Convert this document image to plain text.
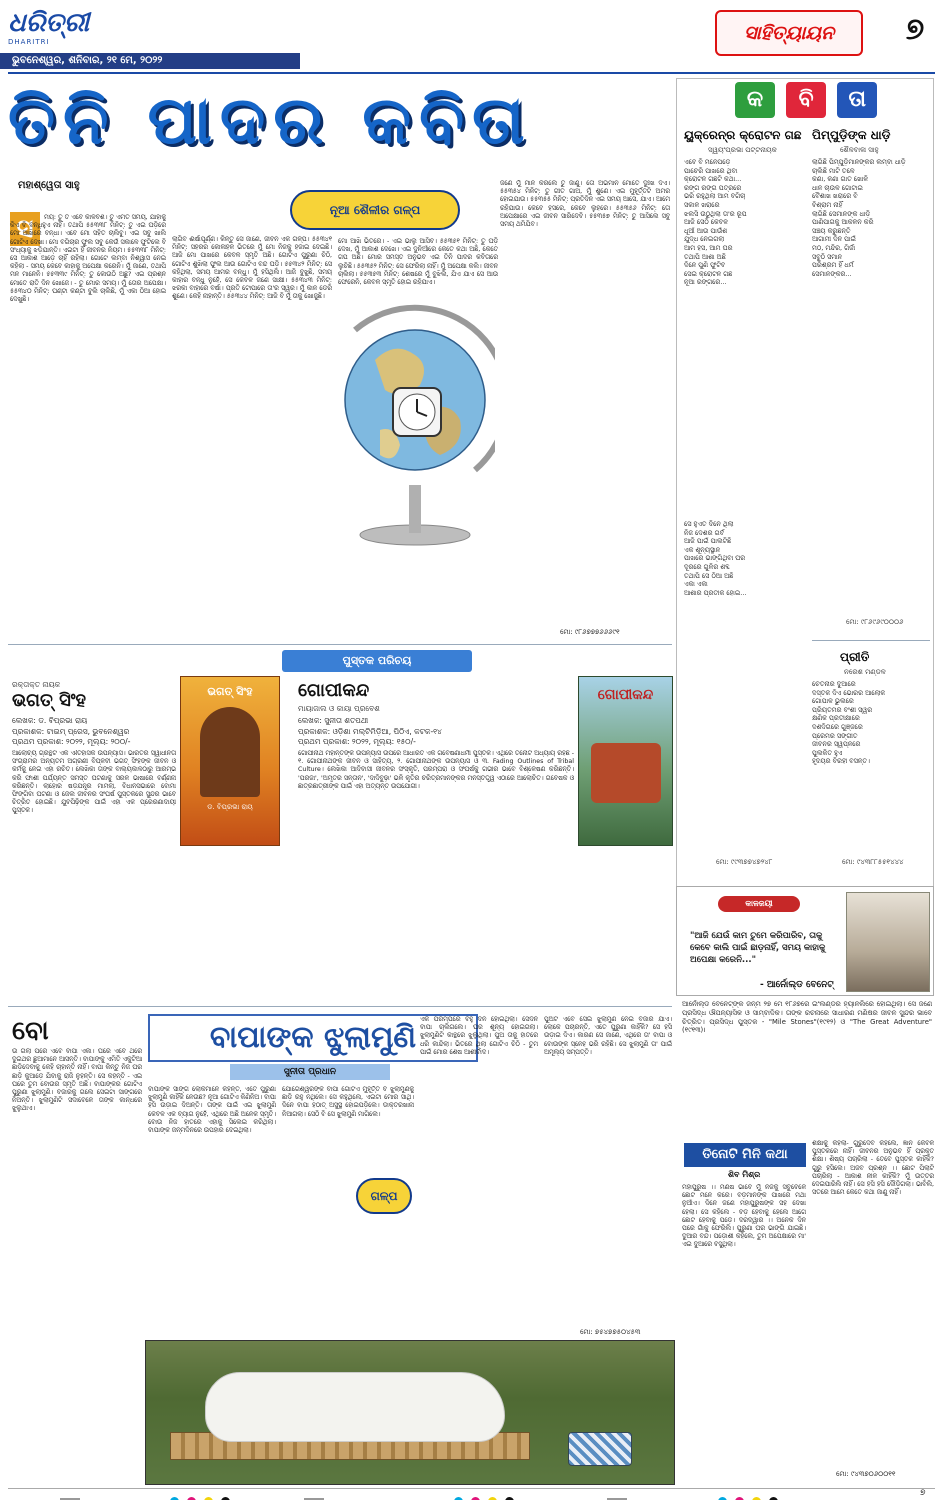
ଧରିତ୍ରୀ
DHARITRI
ଭୁବନେଶ୍ୱର, ଶନିବାର, ୨୧ ମେ, ୨୦୨୨
ସାହିତ୍ୟାୟନ	୭
ତିନି ପାଦର କବିତା
ମହାଶ୍ୱେତା ସାହୁ
ନୂଆ ଶୈଳୀର ଗଳ୍ପ
ସ	ମୟ: ତୁ ତ ଏବେ କାଳବଶ। ତୁ ଏମିତି ସମୟ, ଯାହାକୁ କିଏ ବି ବନ୍ଧିହୁଏ ନାହିଁ। ତଥାପି ୫୫୩୩୮ ମିନିଟ୍: ତୁ ଏଇ ଘଡ଼ିରେ ମୋ ଆଖିରେ ବନ୍ଧା। ଏବେ ମୋ ସହିତ ଚାଲିବୁ। ଏଇ ସବୁ ଖାଲି ଗୋଟିଏ ଦେଖା। ମୋ ବଗିଚାର ଫୁଲ ସବୁ କେଉଁ ସକାଳେ ଫୁଟିଲେ ବି ସଂଧ୍ୟାକୁ ଝଡ଼ିଯାନ୍ତି। ଏଇଟା ହିଁ ଜୀବନର ନିୟମ। ୫୫୩୩୮ ମିନିଟ୍: ସେ ଆକାଶ ଆଡ଼େ ଚାହିଁ ରହିଲା। ଗୋଟେ ଲମ୍ବା ନିଶ୍ୱାସ ନେଇ କହିଲା - ସମୟ କେବେ କାହାକୁ ଅପେକ୍ଷା କରେନି। ମୁଁ ଜାଣେ, ତଥାପି ମନ ମାନେନି। ୫୫୩୩୯ ମିନିଟ୍: ତୁ କୋଉଠି ଅଛୁ? ଏଇ ପ୍ରଶ୍ନ ମୋତେ ରାତି ଦିନ ଖୋଜେ। - ତୁ ମୋର ସମୟ। ମୁଁ ତୋର ଅପେକ୍ଷା। ୫୫୩୪୦ ମିନିଟ୍: ଘଣ୍ଟା କଣ୍ଟା ବୁଲି ଚାଲିଛି, ମୁଁ ଏକା ଠିଆ ହୋଇ ଦେଖୁଛି।
ଲାଗିବ ଈର୍ଷାପୂର୍ଣ୍ଣ। କିନ୍ତୁ ସେ ଜାଣେ, ଜୀବନ ଏକ ଗଳ୍ପ। ୫୫୩୪୧ ମିନିଟ୍: ସହରର କୋଳାହଳ ଭିତରେ ମୁଁ ମୋ ନିଜକୁ ହଜାଇ ଦେଇଛି। ଆଜି ମୋ ପାଖରେ କେବଳ ସ୍ମୃତି ଅଛି। ଗୋଟିଏ ପୁରୁଣା ଚିଠି, ଗୋଟିଏ ଶୁଖିଲା ଫୁଲ ଆଉ ଗୋଟିଏ ବନ୍ଦ ଘଡ଼ି। ୫୫୩୪୨ ମିନିଟ୍: ସେ କହିଥିଲା, ସମୟ ଆମର ବନ୍ଧୁ। ମୁଁ ହସିଥିଲି। ଆଜି ବୁଝୁଛି, ସମୟ କାହାର ବନ୍ଧୁ ନୁହେଁ, ସେ କେବଳ ଜଣେ ସାକ୍ଷୀ। ୫୫୩୪୩ ମିନିଟ୍: ଝରକା ବାହାରେ ବର୍ଷା। ପ୍ରତି ଟୋପାରେ ତା'ର ସ୍ୱର। ମୁଁ କାନ ଡେରି ଶୁଣେ। କେହି ନାହାନ୍ତି। ୫୫୩୪୪ ମିନିଟ୍: ଆଜି ବି ମୁଁ ତାକୁ ଖୋଜୁଛି।
ମୋ ଆଖି ଭିତରେ। - ଏଇ ଭାଲୁ ଆସିବ। ୫୫୩୫୧ ମିନିଟ୍: ତୁ ଘଡ଼ି ଦେଖ, ମୁଁ ଆକାଶ ଦେଖେ। ଏଇ ଦୁନିଆଁରେ କେତେ କଥା ଅଛି, କେତେ ଗପ ଅଛି। ମୋର ସମସ୍ତ ଅନୁଭବ ଏଇ ତିନି ପାଦର କବିତାରେ ଲୁଚିଛି। ୫୫୩୫୨ ମିନିଟ୍: ସେ ଫେରିଲା ନାହିଁ। ମୁଁ ଅପେକ୍ଷା କଲି। ଜୀବନ ଚାଲିଲା। ୫୫୩୫୩ ମିନିଟ୍: ଶେଷରେ ମୁଁ ବୁଝିଲି, ଯିଏ ଯାଏ ସେ ଆଉ ଫେରେନି, କେବଳ ସ୍ମୃତି ହୋଇ ରହିଯାଏ।
ଜଣେ ମୁଁ ମାନ କରିଲେ ତୁ ଜାଣୁ। ତୋ ଅଭିମାନ ମୋତେ ଦୁଃଖ ଦିଏ। ୫୫୩୫୪ ମିନିଟ୍: ତୁ ଗୀତ ଗାଅ, ମୁଁ ଶୁଣେ। ଏଇ ମୁହୂର୍ତ୍ତଟି ଅମର ହୋଇଯାଉ। ୫୫୩୫୫ ମିନିଟ୍: ପ୍ରତିଦିନ ଏଇ ସମୟ ଆସେ, ଯାଏ। ଆମେ ରହିଯାଉ। କେବେ ହସରେ, କେବେ ଲୁହରେ। ୫୫୩୫୬ ମିନିଟ୍: ତୋ ଅପେକ୍ଷାରେ ଏଇ ଜୀବନ ସାରିଦେବି। ୫୫୩୫୭ ମିନିଟ୍: ତୁ ଆସିଲେ ସବୁ ସମୟ ଥମିଯିବ।
ମୋ: ୯୮୬୭୭୭୬୬୬୯୧
କ ବି ତା
ୟୁକ୍ରେନ୍‌ର କ୍ରୋଟନ ଗଛ
ସ୍ୱୟଂପ୍ରଭା ପଟ୍ଟନାୟକ
ଏବେ ବି ମନେପଡ଼େ
ପାଚେରି ପାଖରେ ଥିବା
କ୍ରୋଟନ ଗଛଟି କଥା...
ରଙ୍ଗ ରଙ୍ଗ ପତ୍ରରେ
ଭରି ରହୁଥିଲା ଆମ ବଗିଚା
ସକାଳ ଖରାରେ
ଝଲସି ଉଠୁଥିଲା ତା'ର ରୂପ
ଆଜି ସେଠି କେବଳ
ଧୂଆଁ ଆଉ ପାଉଁଶ
ଯୁଦ୍ଧ ନେଇଗଲା
ଆମ ହସ, ଆମ ଘର
ତଥାପି ଆଶା ଅଛି
ଦିନେ ପୁଣି ଫୁଟିବ
ସେଇ କ୍ରୋଟନ ଗଛ
ନୂଆ ରଙ୍ଗରେ...
ପିମ୍ପୁଡ଼ିଙ୍କ ଧାଡ଼ି
ଶୈଳବାଳା ସାହୁ
ଲାଗିଛି ପିମ୍ପୁଡ଼ିମାନଙ୍କର ଲମ୍ବା ଧାଡ଼ି
ଚାଲିଛି ମାଟି ତଳେ
କଣା, କଣା ଗାତ ଖୋଳି
ଧାନ ଚାଉଳ ଗୋଟାଇ
ବୈଶାଖ ଖରାରେ ବି
ବିଶ୍ରାମ ନାହିଁ
ଲାଗିଛି ସେମାନଙ୍କ ଧାଡ଼ି
ପାଣିପାଗକୁ ଆକଳନ କରି
ସଞ୍ଚୟ କରୁଛନ୍ତି
ଆଗାମୀ ଦିନ ପାଇଁ
ମଠ, ମନ୍ଦିର, ଗିର୍ଜା
ସବୁଠି ସମାନ
ପରିଶ୍ରମ ହିଁ ଧର୍ମ
ସେମାନଙ୍କର...
ମୋ: ୯୮୬୯୬୯୦୦୦୬
ସେ ହୁଏତ ଦିନେ ଥିଲା
ନିଜ ଦେଶର ଗର୍ବ
ଆଜି ପାଇଁ ପାଲଟିଛି
ଏକ ଶୂନ୍ୟସ୍ଥାନ
ପାଖରେ ଭାଙ୍ଗିଥିବା ଘର
ଦୂରରେ ଗୁଳିର ଶବ୍ଦ
ତଥାପି ସେ ଠିଆ ଅଛି
ଏକା ଏକା
ଆଶାର ପ୍ରତୀକ ହୋଇ...
ମୋ: ୯୯୩୭୭୪୭୨୪୮
ପ୍ରୀତି
ନରେଶ ମଣ୍ଡଳ
ଚେତନାର ଦୁଆରେ
ଦସ୍ତକ ଦିଏ ଭୋରର ଆଲୋକ
ଗୋପାଳ ଭୁଲରେ
ପ୍ରିୟତମର ବଂଶୀ ସ୍ୱର
କ୍ଷଣିକ ପ୍ରତୀକ୍ଷାରେ
ଦଶଦିଗରେ ଗୁଞ୍ଜରେ
ପ୍ରେମର ସଙ୍ଗୀତ
ଜୀବନର ସ୍ୱପ୍ନରେ
ପୁଲକିତ ହୁଏ
ହୃଦୟର ବିରହୀ ବସନ୍ତ।
ମୋ: ୯୪୩୮୮୫୫୧୪୪୪
ପୁସ୍ତକ ପରିଚୟ
ରକ୍ତାକ୍ତ ନାୟକ
ଭଗତ୍ ସିଂହ
ଲେଖକ: ଡ. ବିପ୍ରଭା ରାୟ
ପ୍ରକାଶକ: ଟାଇମ୍ ପ୍ରେସ, ଭୁବନେଶ୍ୱର
ପ୍ରଥମ ପ୍ରକାଶ: ୨୦୨୨, ମୂଲ୍ୟ: ୨୦୦/-
ଆଲୋଚ୍ୟ ଗ୍ରନ୍ଥଟି ଏକ ଐତିହାସିକ ଉପନ୍ୟାସ। ଭାରତର ସ୍ୱାଧୀନତା ସଂଗ୍ରାମର ଅନ୍ୟତମ ଅଗ୍ରଣୀ ବିପ୍ଳବୀ ଭଗତ୍ ସିଂହଙ୍କ ଜୀବନ ଓ କର୍ମକୁ ନେଇ ଏହା ରଚିତ। ଲେଖିକା ତାଙ୍କ ବାଲ୍ୟକାଳଠାରୁ ଆରମ୍ଭ କରି ଫାଶୀ ପର୍ଯ୍ୟନ୍ତ ସମସ୍ତ ଘଟଣାକୁ ସରଳ ଭାଷାରେ ବର୍ଣ୍ଣନା କରିଛନ୍ତି। ଲାହୋର ଷଡ଼ଯନ୍ତ୍ର ମାମଲା, ବିଧାନସଭାରେ ବୋମା ଫିଙ୍ଗିବା ଘଟଣା ଓ ଜେଲ ଜୀବନର ସଂଘର୍ଷ ପୁସ୍ତକରେ ସୁନ୍ଦର ଭାବେ ଚିତ୍ରିତ ହୋଇଛି। ଯୁବପିଢ଼ିଙ୍କ ପାଇଁ ଏହା ଏକ ପ୍ରେରଣାଦାୟୀ ପୁସ୍ତକ।
ଭଗତ୍ ସିଂହ
ଡ. ବିପ୍ରଭା ରାୟ
ଗୋପୀକନ୍ଦ
ମାୟାଜାଲ ଓ କାୟା ପ୍ରବେଶ
ଲେଖକ: ସୁନୀତା ଶତପଥୀ
ପ୍ରକାଶକ: ଓଡ଼ିଶା ମଲ୍ଟିମିଡ଼ିଆ, ପିଠିଏ, କଟକ-୧୪
ପ୍ରଥମ ପ୍ରକାଶ: ୨୦୨୨, ମୂଲ୍ୟ: ୧୫୦/-
ଗୋପୀନାଥ ମହାନ୍ତିଙ୍କ ଉପନ୍ୟାସ ଉପରେ ଆଧାରିତ ଏକ ଗବେଷଣାଧର୍ମୀ ପୁସ୍ତକ। ଏଥିରେ ତିନୋଟି ଅଧ୍ୟାୟ ରହିଛି - ୧. ଗୋପୀନାଥଙ୍କ ଜୀବନ ଓ ସାହିତ୍ୟ, ୨. ଗୋପୀନାଥଙ୍କ ଉପନ୍ୟାସ ଓ ୩. Fading Outlines of Tribal Culture। ଲେଖିକା ଆଦିବାସୀ ଜୀବନର ସଂସ୍କୃତି, ପରମ୍ପରା ଓ ସଂଘର୍ଷକୁ ଗଭୀର ଭାବେ ବିଶ୍ଳେଷଣ କରିଛନ୍ତି। 'ପରଜା', 'ଅମୃତର ସନ୍ତାନ', 'ଦାଦିବୁଢ଼ା' ଭଳି କୃତିର ଚରିତ୍ରମାନଙ୍କର ମନସ୍ତତ୍ତ୍ୱ ଏଠାରେ ଆଲୋଚିତ। ଗବେଷକ ଓ ଛାତ୍ରଛାତ୍ରୀଙ୍କ ପାଇଁ ଏହା ଅତ୍ୟନ୍ତ ଉପଯୋଗୀ।
ଗୋପୀକନ୍ଦ
କାଳଜୟୀ
"ଆଜି ଯେଉଁ କାମ ତୁମେ କରିପାରିବ, ତାକୁ କେବେ କାଲି ପାଇଁ ଛାଡ଼ନାହିଁ, ସମୟ କାହାକୁ ଅପେକ୍ଷା କରେନି..."
- ଆର୍ନୋଲ୍ଡ ବେନେଟ୍
ଆର୍ନୋଲ୍ଡ ବେନେଟ୍‌ଙ୍କ ଜନ୍ମ ୨୭ ମେ ୧୮୬୭ରେ ଇଂଲଣ୍ଡର ହ୍ୟାନଲିରେ ହୋଇଥିଲା। ସେ ଜଣେ ପ୍ରସିଦ୍ଧ ଔପନ୍ୟାସିକ ଓ ସାମ୍ବାଦିକ। ତାଙ୍କ ରଚନାରେ ସାଧାରଣ ମଣିଷର ଜୀବନ ସୁନ୍ଦର ଭାବେ ଚିତ୍ରିତ। ପ୍ରସିଦ୍ଧ ପୁସ୍ତକ - "Mile Stones"(୧୯୧୨) ଓ "The Great Adventure"(୧୯୧୩)।
ବୋ	ବାପାଙ୍କ ଝୁଲାମୁଣି
ସୁନୀତା ପ୍ରଧାନ
ଗଳ୍ପ
ଉ ଗଲା ପରେ ଏବେ ବାପା ଏକା। ଘରେ ଏବେ ଥରେ ଦୁଇଥର ଛୁଆମାନେ ଆସନ୍ତି। ବାପାଙ୍କୁ ଏମିତି ଏକୁଟିଆ ଛାଡ଼ିଦେବାକୁ କେହି ଚାହାନ୍ତି ନାହିଁ। ବାପା କିନ୍ତୁ ନିଜ ଘର ଛାଡ଼ି କୁଆଡ଼େ ଯିବାକୁ ରାଜି ନୁହନ୍ତି। ସେ କହନ୍ତି - ଏଇ ଘରେ ତୁମ ବୋଉର ସ୍ମୃତି ଅଛି। ବାପାଙ୍କର ଗୋଟିଏ ପୁରୁଣା ଝୁଲାମୁଣି। ବଜାରକୁ ଗଲେ ସେଇଟା ସାଙ୍ଗରେ ନିଅନ୍ତି। ଝୁଲାମୁଣିଟି ସଦାବେଳେ ତାଙ୍କ କାନ୍ଧରେ ଝୁଲୁଥାଏ।
ବାପାଙ୍କ ସାଙ୍ଗ ଲୋକମାନେ କହନ୍ତି, ଏତେ ପୁରୁଣା ଝୁଲାମୁଣି କାହିଁକି ନେଉଛ? ନୂଆ ଗୋଟିଏ କିଣିନିଅ। ବାପା ହସି ଉଡ଼ାଇ ଦିଅନ୍ତି। ତାଙ୍କ ପାଇଁ ଏଇ ଝୁଲାମୁଣି କେବଳ ଏକ ବ୍ୟାଗ ନୁହେଁ, ଏଥିରେ ଅଛି ଅନେକ ସ୍ମୃତି। ବୋଉ ନିଜ ହାତରେ ଏହାକୁ ସିଲେଇ କରିଥିଲା। ବାପାଙ୍କ ଜନ୍ମଦିନରେ ଉପହାର ଦେଇଥିଲା।
ଯୋଗେଶ୍ୱରଙ୍କ ବାପା ଗୋଟିଏ ମୁହୂର୍ତ୍ତ ବି ଝୁଲାମୁଣିକୁ ଛାଡ଼ି ରହୁ ନଥିଲେ। ସେ କହୁଥିଲେ, ଏଇଟା ମୋର ସାଥି। ଦିନେ ବାପା ହଠାତ୍ ଅସୁସ୍ଥ ହୋଇପଡ଼ିଲେ। ଡାକ୍ତରଖାନା ନିଆଗଲା। ସେଠି ବି ସେ ଝୁଲାମୁଣି ମାଗିଲେ।
ଏକ ପରିମ୍ପରେ ବହୁ ଦିନ ହୋଇଥିଲା। ସେଦିନ ବାପା ଚାଲିଗଲେ। ଘର ଶୂନ୍ୟ ହୋଇଗଲା। ଝୁଲାମୁଣିଟି କାନ୍ଥରେ ଝୁଲୁଥିଲା। ପୁଅ ତାକୁ ହାତରେ ଧରି କାନ୍ଦିଲା। ଭିତରେ ଥିଲା ଗୋଟିଏ ଚିଠି - ତୁମ ପାଇଁ ମୋର ଶେଷ ଆଶୀର୍ବାଦ।
ପୁଅଟି ଏବେ ସେଇ ଝୁଲାମୁଣି ନେଇ ବଜାର ଯାଏ। ଲୋକେ ପଚାରନ୍ତି, ଏତେ ପୁରୁଣା କାହିଁକି? ସେ ହସି ଉଡ଼ାଇ ଦିଏ। କାରଣ ସେ ଜାଣେ, ଏଥିରେ ତା' ବାପା ଓ ବୋଉଙ୍କ ସ୍ନେହ ଭରି ରହିଛି। ସେ ଝୁଲାମୁଣି ତା' ପାଇଁ ଅମୂଲ୍ୟ ସମ୍ପତ୍ତି।
ମୋ: ୭୫୪୭୭୫୦୪୫୩
ତିନୋଟି ମିନି କଥା
ଶିବ ମିଶ୍ର
ମହାପୁରୁଷ ।। ମଣିଷ ଭାବେ ମୁଁ ନିଜକୁ ସବୁବେଳେ ଛୋଟ ମନେ କରେ। ବଡ଼ମାନଙ୍କ ପାଖରେ ମଥା ନୁଆଁଏ। ଦିନେ ଜଣେ ମହାପୁରୁଷଙ୍କ ସହ ଦେଖା ହେଲା। ସେ କହିଲେ - ବଡ଼ ହେବାକୁ ହେଲେ ଆଗେ ଛୋଟ ହେବାକୁ ପଡ଼େ। ଦରଦ୍ୱାର ।। ଅନେକ ଦିନ ପରେ ଗାଁକୁ ଫେରିଲି। ପୁରୁଣା ଘର ଭାଙ୍ଗି ଯାଇଛି। ଦୁଆର ବନ୍ଦ। ପଡ଼ୋଶୀ କହିଲେ, ତୁମ ଅପେକ୍ଷାରେ ମା' ଏଇ ଦୁଆରେ ବସୁଥିଲା।
ଶିକ୍ଷାକୁ କହିଲା- ଗୁରୁଦେବ କହିଲେ, ଜ୍ଞାନ କେବଳ ପୁସ୍ତକରେ ନାହିଁ। ଜୀବନର ଅନୁଭବ ହିଁ ପ୍ରକୃତ ଶିକ୍ଷା। ଶିଷ୍ୟ ପଚାରିଲା - ତେବେ ପୁସ୍ତକ କାହିଁକି? ଗୁରୁ ହସିଲେ। ଅଜବ ପ୍ରଶ୍ନ ।। ଛୋଟ ପିଲାଟି ପଚାରିଲା - ଆକାଶ ନୀଳ କାହିଁକି? ମୁଁ ଉତ୍ତର ଦେଇପାରିଲି ନାହିଁ। ସେ ହସି ହସି ଦୌଡ଼ିଗଲା। ଭାବିଲି, ସତରେ ଆମେ କେତେ କଥା ଜାଣୁ ନାହିଁ।
ମୋ: ୯୪୩୭୦୬୦୦୧୧

୭
